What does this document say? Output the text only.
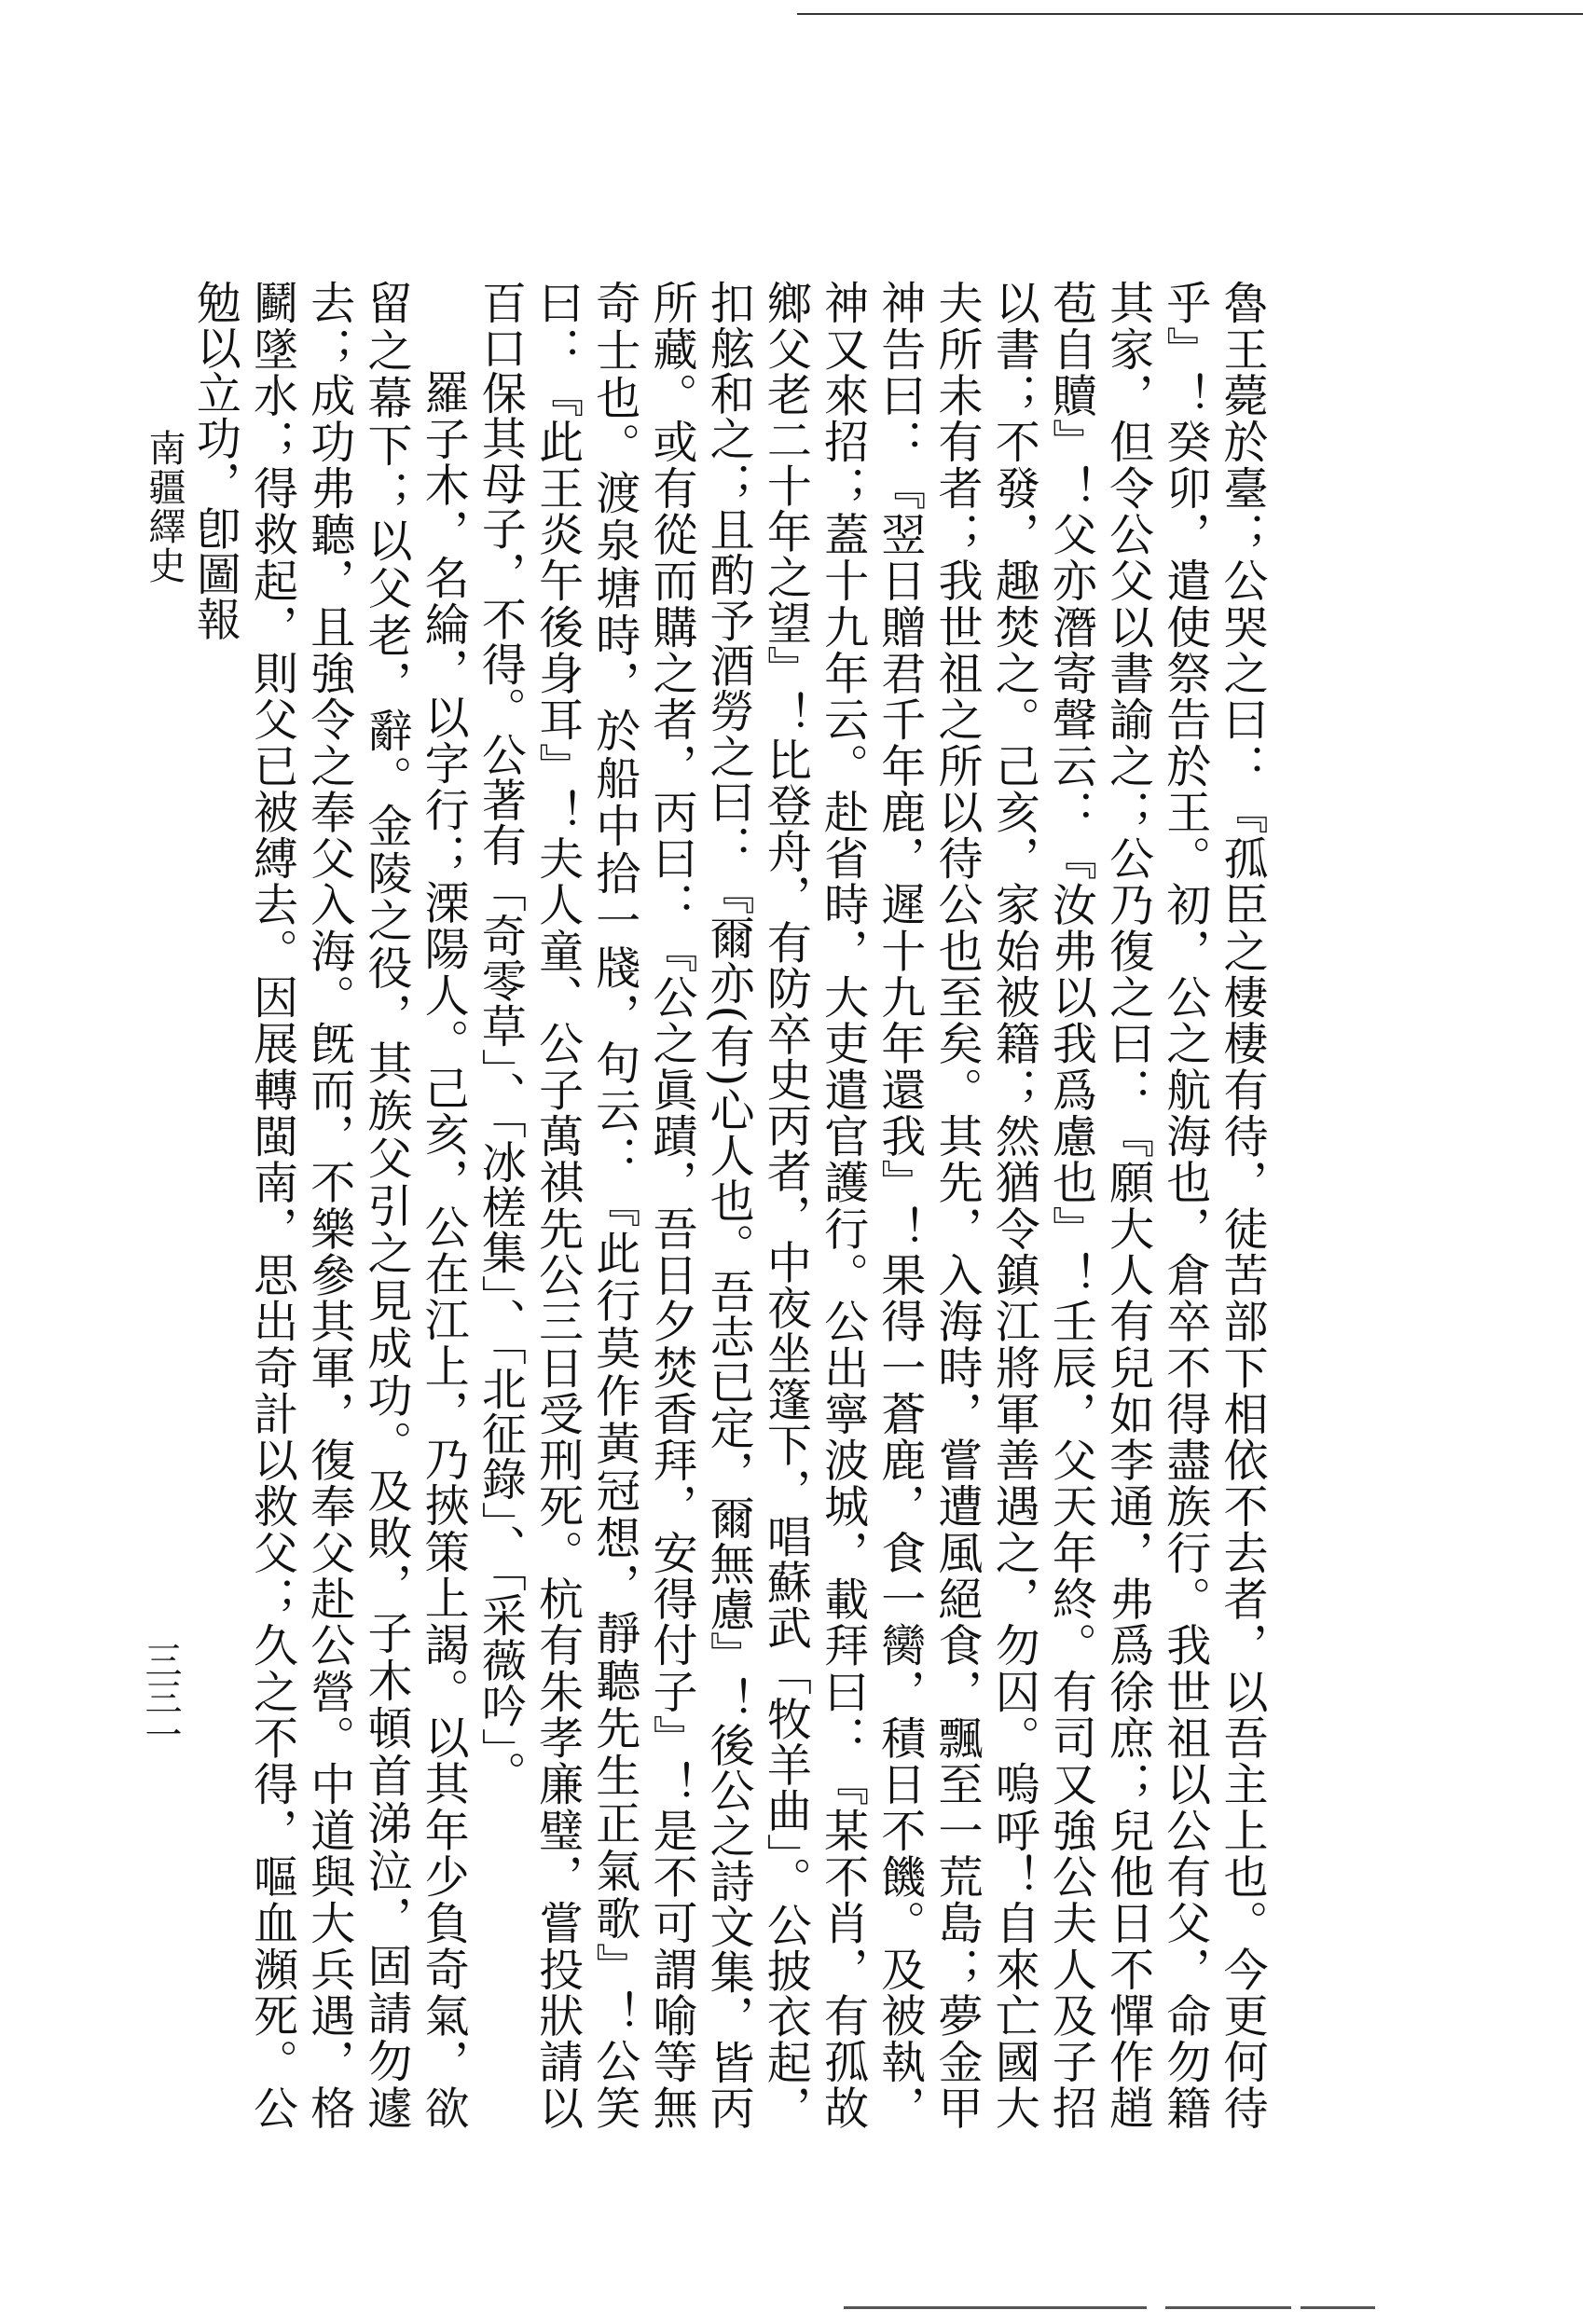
魯王薨於臺；公哭之曰：『孤臣之棲棲有待，徒苦部下相依不去者，以吾主上也。今更何待乎』！癸卯，遣使祭告於王。初，公之航海也，倉卒不得盡族行。我世祖以公有父，命勿籍其家，但令公父以書諭之；公乃復之曰：『願大人有兒如李通，弗爲徐庶；兒他日不憚作趙苞自贖』！父亦潛寄聲云：『汝弗以我爲慮也』！壬辰，父天年終。有司又強公夫人及子招以書；不發，趣焚之。己亥，家始被籍；然猶令鎮江將軍善遇之，勿囚。嗚呼！自來亡國大夫所未有者；我世祖之所以待公也至矣。其先，入海時，嘗遭風絕食，飄至一荒島；夢金甲神告曰：『翌日贈君千年鹿，遲十九年還我』！果得一蒼鹿，食一臠，積日不饑。及被執，神又來招；蓋十九年云。赴省時，大吏遣官護行。公出寧波城，載拜曰：『某不肖，有孤故鄉父老二十年之望』！比登舟，有防卒史丙者，中夜坐篷下，唱蘇武「牧羊曲」。公披衣起，扣舷和之；且酌予酒勞之曰：『爾亦(有)心人也。吾志已定，爾無慮』！後公之詩文集，皆丙所藏。或有從而購之者，丙曰：『公之眞蹟，吾日夕焚香拜，安得付子』！是不可謂喻等無奇士也。渡泉塘時，於船中拾一牋，句云：『此行莫作黃冠想，靜聽先生正氣歌』！公笑曰：『此王炎午後身耳』！夫人童、公子萬祺先公三日受刑死。杭有朱孝廉璧，嘗投狀請以百口保其母子，不得。公著有「奇零草」、「冰槎集」、「北征錄」、「采薇吟」。

羅子木，名綸，以字行；溧陽人。己亥，公在江上，乃挾策上謁。以其年少負奇氣，欲留之幕下；以父老，辭。金陵之役，其族父引之見成功。及敗，子木頓首涕泣，固請勿遽去；成功弗聽，且強令之奉父入海。旣而，不樂參其軍，復奉父赴公營。中道與大兵遇，格鬬墜水；得救起，則父已被縛去。因展轉閩南，思出奇計以救父；久之不得，嘔血瀕死。公勉以立功，卽圖報

南疆繹史
三三一
